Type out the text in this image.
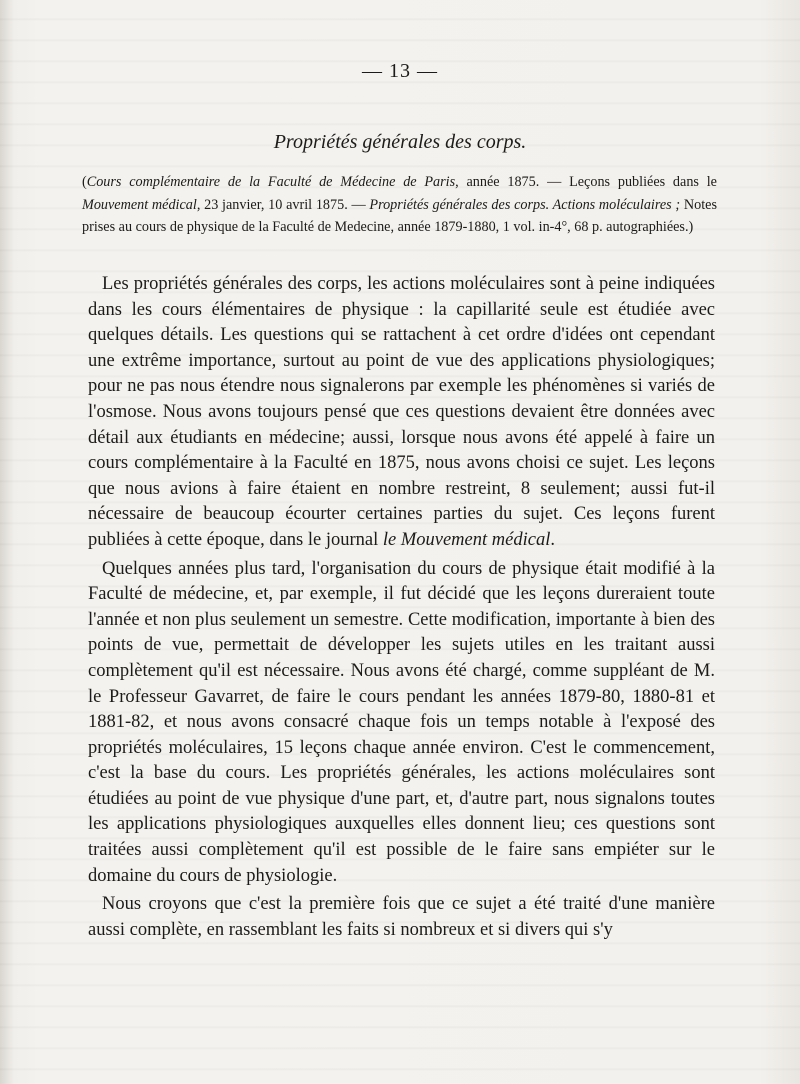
— 13 —
Propriétés générales des corps.
(Cours complémentaire de la Faculté de Médecine de Paris, année 1875. — Leçons publiées dans le Mouvement médical, 23 janvier, 10 avril 1875. — Propriétés générales des corps. Actions moléculaires ; Notes prises au cours de physique de la Faculté de Medecine, année 1879-1880, 1 vol. in-4°, 68 p. autographiées.)

Les propriétés générales des corps, les actions moléculaires sont à peine indiquées dans les cours élémentaires de physique : la capillarité seule est étudiée avec quelques détails. Les questions qui se rattachent à cet ordre d'idées ont cependant une extrême importance, surtout au point de vue des applications physiologiques; pour ne pas nous étendre nous signalerons par exemple les phénomènes si variés de l'osmose. Nous avons toujours pensé que ces questions devaient être données avec détail aux étudiants en médecine; aussi, lorsque nous avons été appelé à faire un cours complémentaire à la Faculté en 1875, nous avons choisi ce sujet. Les leçons que nous avions à faire étaient en nombre restreint, 8 seulement; aussi fut-il nécessaire de beaucoup écourter certaines parties du sujet. Ces leçons furent publiées à cette époque, dans le journal le Mouvement médical.

Quelques années plus tard, l'organisation du cours de physique était modifié à la Faculté de médecine, et, par exemple, il fut décidé que les leçons dureraient toute l'année et non plus seulement un semestre. Cette modification, importante à bien des points de vue, permettait de développer les sujets utiles en les traitant aussi complètement qu'il est nécessaire. Nous avons été chargé, comme suppléant de M. le Professeur Gavarret, de faire le cours pendant les années 1879-80, 1880-81 et 1881-82, et nous avons consacré chaque fois un temps notable à l'exposé des propriétés moléculaires, 15 leçons chaque année environ. C'est le commencement, c'est la base du cours. Les propriétés générales, les actions moléculaires sont étudiées au point de vue physique d'une part, et, d'autre part, nous signalons toutes les applications physiologiques auxquelles elles donnent lieu; ces questions sont traitées aussi complètement qu'il est possible de le faire sans empiéter sur le domaine du cours de physiologie.

Nous croyons que c'est la première fois que ce sujet a été traité d'une manière aussi complète, en rassemblant les faits si nombreux et si divers qui s'y
